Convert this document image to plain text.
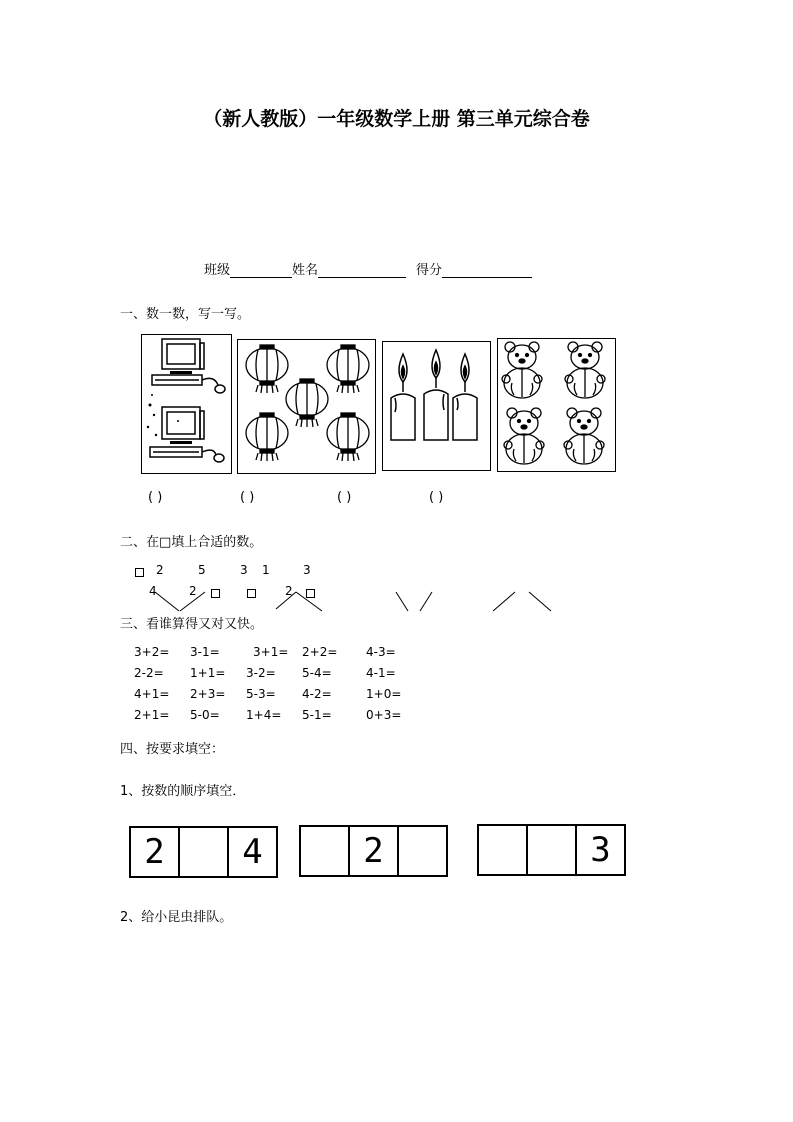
（新人教版）一年级数学上册 第三单元综合卷
班级	姓名	得分
一、数一数，写一写。
( )	( )	( )	( )
二、在□填上合适的数。
2	5	3 1	3
4	2	2
三、看谁算得又对又快。
3+2= 3-1=	3+1= 2+2= 4-3=
2-2= 1+1= 3-2= 5-4=	4-1=
4+1= 2+3= 5-3= 4-2=	1+0=
2+1= 5-0= 1+4= 5-1=	0+3=
四、按要求填空：
1、按数的顺序填空．
2	4	2	3
2、给小昆虫排队。
